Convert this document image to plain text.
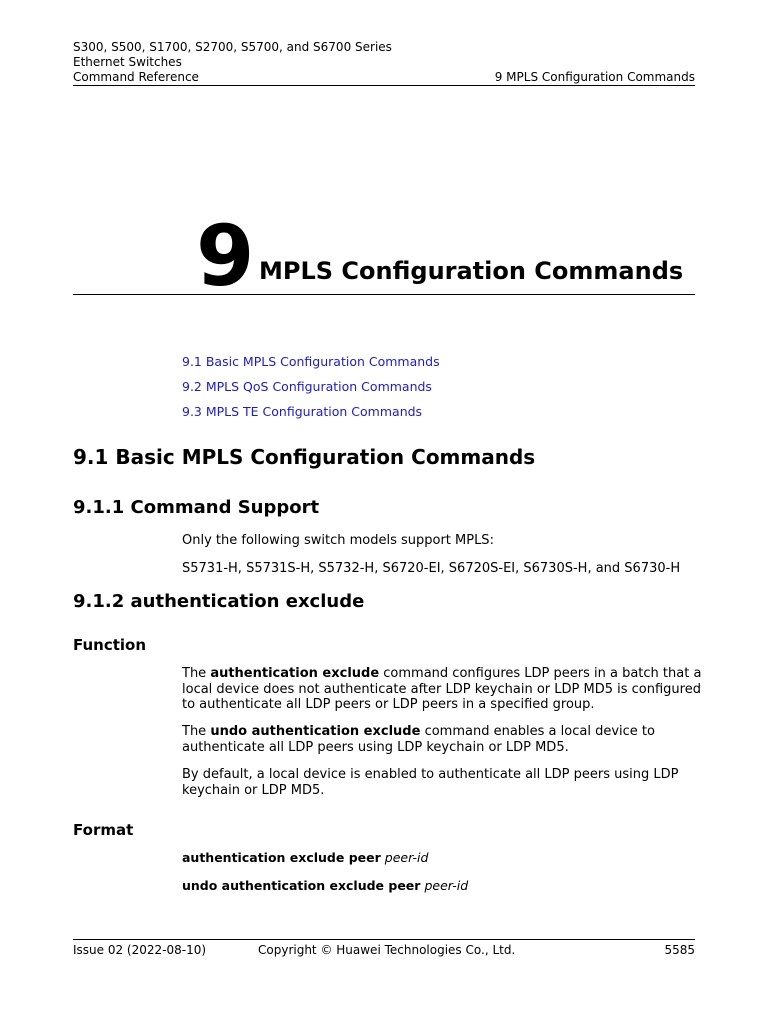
S300, S500, S1700, S2700, S5700, and S6700 Series
Ethernet Switches
Command Reference	9 MPLS Configuration Commands
9 MPLS Configuration Commands
9.1 Basic MPLS Configuration Commands
9.2 MPLS QoS Configuration Commands
9.3 MPLS TE Configuration Commands
9.1 Basic MPLS Configuration Commands
9.1.1 Command Support
Only the following switch models support MPLS:
S5731-H, S5731S-H, S5732-H, S6720-EI, S6720S-EI, S6730S-H, and S6730-H
9.1.2 authentication exclude
Function
The authentication exclude command configures LDP peers in a batch that a local device does not authenticate after LDP keychain or LDP MD5 is configured to authenticate all LDP peers or LDP peers in a specified group.
The undo authentication exclude command enables a local device to authenticate all LDP peers using LDP keychain or LDP MD5.
By default, a local device is enabled to authenticate all LDP peers using LDP keychain or LDP MD5.
Format
authentication exclude peer peer-id
undo authentication exclude peer peer-id
Issue 02 (2022-08-10)	Copyright © Huawei Technologies Co., Ltd.	5585
